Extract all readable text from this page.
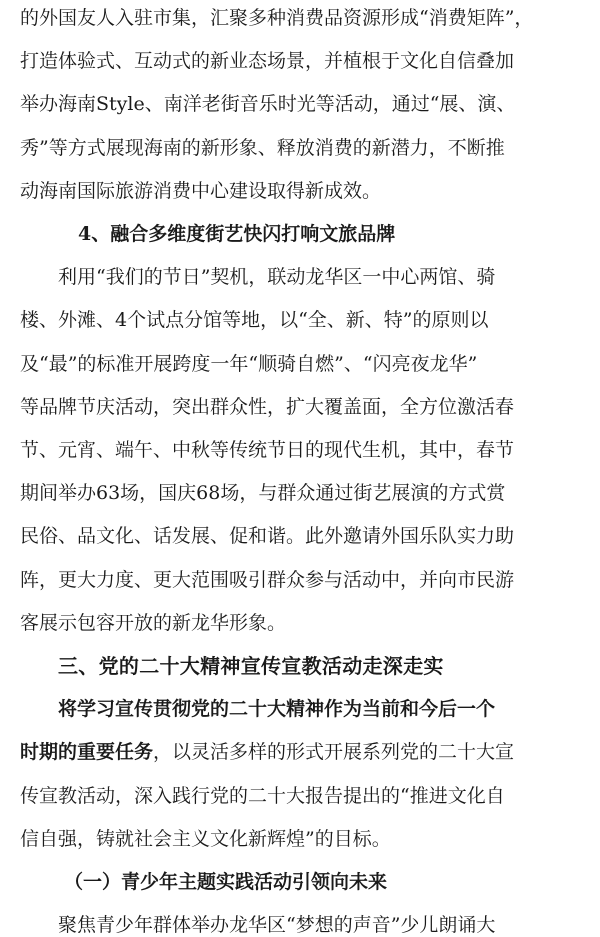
的外国友人入驻市集，汇聚多种消费品资源形成“消费矩阵”，
打造体验式、互动式的新业态场景，并植根于文化自信叠加
举办海南Style、南洋老街音乐时光等活动，通过“展、演、
秀”等方式展现海南的新形象、释放消费的新潜力，不断推
动海南国际旅游消费中心建设取得新成效。
4、融合多维度街艺快闪打响文旅品牌
利用“我们的节日”契机，联动龙华区一中心两馆、骑
楼、外滩、4个试点分馆等地，以“全、新、特”的原则以
及“最”的标准开展跨度一年“顺骑自燃”、“闪亮夜龙华”
等品牌节庆活动，突出群众性，扩大覆盖面，全方位激活春
节、元宵、端午、中秋等传统节日的现代生机，其中，春节
期间举办63场，国庆68场，与群众通过街艺展演的方式赏
民俗、品文化、话发展、促和谐。此外邀请外国乐队实力助
阵，更大力度、更大范围吸引群众参与活动中，并向市民游
客展示包容开放的新龙华形象。
三、党的二十大精神宣传宣教活动走深走实
将学习宣传贯彻党的二十大精神作为当前和今后一个
时期的重要任务，以灵活多样的形式开展系列党的二十大宣
传宣教活动，深入践行党的二十大报告提出的“推进文化自
信自强，铸就社会主义文化新辉煌”的目标。
（一）青少年主题实践活动引领向未来
聚焦青少年群体举办龙华区“梦想的声音”少儿朗诵大
